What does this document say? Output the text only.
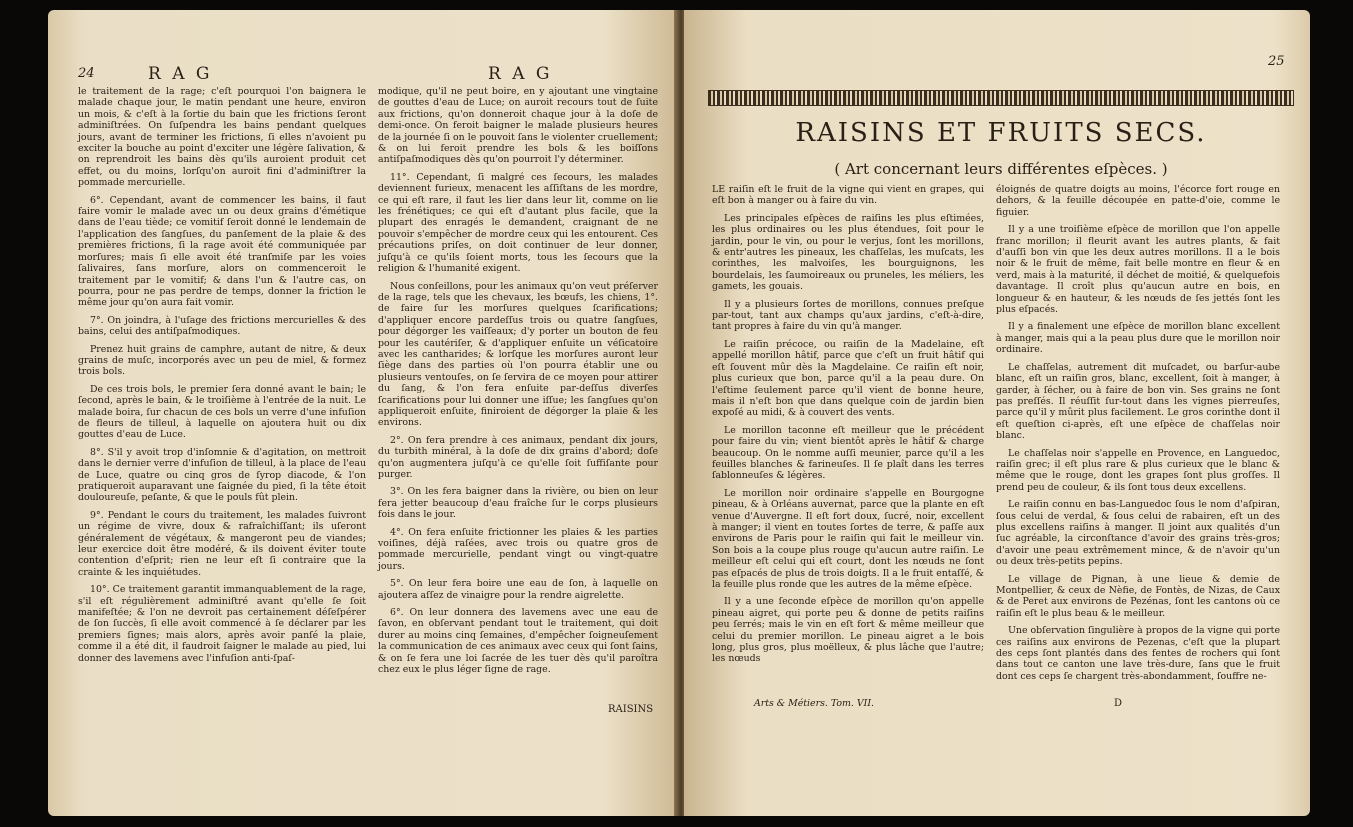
24	R A G	R A G

le traitement de la rage; c'eſt pourquoi l'on baignera le malade chaque jour, le matin pendant une heure, environ un mois, & c'eſt à la ſortie du bain que les frictions ſeront adminiſtrées. On ſuſpendra les bains pendant quelques jours, avant de terminer les frictions, ſi elles n'avoient pu exciter la bouche au point d'exciter une légère ſalivation, & on reprendroit les bains dès qu'ils auroient produit cet effet, ou du moins, lorſqu'on auroit fini d'adminiſtrer la pommade mercurielle.

6°. Cependant, avant de commencer les bains, il faut faire vomir le malade avec un ou deux grains d'émétique dans de l'eau tiède; ce vomitif ſeroit donné le lendemain de l'application des ſangſues, du panſement de la plaie & des premières frictions, ſi la rage avoit été communiquée par morſures; mais ſi elle avoit été tranſmiſe par les voies ſalivaires, ſans morſure, alors on commenceroit le traitement par le vomitif; & dans l'un & l'autre cas, on pourra, pour ne pas perdre de temps, donner la friction le même jour qu'on aura fait vomir.

7°. On joindra, à l'uſage des frictions mercurielles & des bains, celui des antiſpaſmodiques.

Prenez huit grains de camphre, autant de nitre, & deux grains de muſc, incorporés avec un peu de miel, & formez trois bols.

De ces trois bols, le premier ſera donné avant le bain; le ſecond, après le bain, & le troiſième à l'entrée de la nuit. Le malade boira, ſur chacun de ces bols un verre d'une infuſion de fleurs de tilleul, à laquelle on ajoutera huit ou dix gouttes d'eau de Luce.

8°. S'il y avoit trop d'inſomnie & d'agitation, on mettroit dans le dernier verre d'infuſion de tilleul, à la place de l'eau de Luce, quatre ou cinq gros de ſyrop diacode, & l'on pratiqueroit auparavant une ſaignée du pied, ſi la tête étoit douloureuſe, peſante, & que le pouls fût plein.

9°. Pendant le cours du traitement, les malades ſuivront un régime de vivre, doux & rafraîchiſſant; ils uſeront généralement de végétaux, & mangeront peu de viandes; leur exercice doit être modéré, & ils doivent éviter toute contention d'eſprit; rien ne leur eſt ſi contraire que la crainte & les inquiétudes.

10°. Ce traitement garantit immanquablement de la rage, s'il eſt régulièrement adminiſtré avant qu'elle ſe ſoit manifeſtée; & l'on ne devroit pas certainement déſeſpérer de ſon ſuccès, ſi elle avoit commencé à ſe déclarer par les premiers ſignes; mais alors, après avoir panſé la plaie, comme il a été dit, il faudroit ſaigner le malade au pied, lui donner des lavemens avec l'infuſion anti-ſpaſ-

modique, qu'il ne peut boire, en y ajoutant une vingtaine de gouttes d'eau de Luce; on auroit recours tout de ſuite aux frictions, qu'on donneroit chaque jour à la doſe de demi-once. On feroit baigner le malade plusieurs heures de la journée ſi on le pouvoit ſans le violenter cruellement; & on lui feroit prendre les bols & les boiſſons antiſpaſmodiques dès qu'on pourroit l'y déterminer.

11°. Cependant, ſi malgré ces ſecours, les malades deviennent furieux, menacent les aſſiſtans de les mordre, ce qui eſt rare, il faut les lier dans leur lit, comme on lie les frénétiques; ce qui eſt d'autant plus facile, que la plupart des enragés le demandent, craignant de ne pouvoir s'empêcher de mordre ceux qui les entourent. Ces précautions priſes, on doit continuer de leur donner, juſqu'à ce qu'ils ſoient morts, tous les ſecours que la religion & l'humanité exigent.

Nous conſeillons, pour les animaux qu'on veut préſerver de la rage, tels que les chevaux, les bœufs, les chiens, 1°. de faire ſur les morſures quelques ſcarifications; d'appliquer encore pardeſſus trois ou quatre ſangſues, pour dégorger les vaiſſeaux; d'y porter un bouton de feu pour les cautériſer, & d'appliquer enſuite un véſicatoire avec les cantharides; & lorſque les morſures auront leur ſiège dans des parties où l'on pourra établir une ou plusieurs ventouſes, on ſe ſervira de ce moyen pour attirer du ſang, & l'on fera enſuite par-deſſus diverſes ſcarifications pour lui donner une iſſue; les ſangſues qu'on appliqueroit enſuite, finiroient de dégorger la plaie & les environs.

2°. On fera prendre à ces animaux, pendant dix jours, du turbith minéral, à la doſe de dix grains d'abord; doſe qu'on augmentera juſqu'à ce qu'elle ſoit ſuffiſante pour purger.

3°. On les fera baigner dans la rivière, ou bien on leur fera jetter beaucoup d'eau fraîche ſur le corps plusieurs fois dans le jour.

4°. On fera enſuite frictionner les plaies & les parties voiſines, déjà raſées, avec trois ou quatre gros de pommade mercurielle, pendant vingt ou vingt-quatre jours.

5°. On leur fera boire une eau de ſon, à laquelle on ajoutera aſſez de vinaigre pour la rendre aigrelette.

6°. On leur donnera des lavemens avec une eau de ſavon, en obſervant pendant tout le traitement, qui doit durer au moins cinq ſemaines, d'empêcher ſoigneuſement la communication de ces animaux avec ceux qui ſont ſains, & on ſe fera une loi ſacrée de les tuer dès qu'il paroîtra chez eux le plus léger ſigne de rage.

RAISINS
25
RAISINS ET FRUITS SECS.
( Art concernant leurs différentes eſpèces. )

LE raiſin eſt le fruit de la vigne qui vient en grapes, qui eſt bon à manger ou à faire du vin.

Les principales eſpèces de raiſins les plus eſtimées, les plus ordinaires ou les plus étendues, ſoit pour le jardin, pour le vin, ou pour le verjus, ſont les morillons, & entr'autres les pineaux, les chaſſelas, les muſcats, les corinthes, les malvoiſes, les bourguignons, les bourdelais, les ſaumoireaux ou pruneles, les méliers, les gamets, les gouais.

Il y a plusieurs ſortes de morillons, connues preſque par-tout, tant aux champs qu'aux jardins, c'eſt-à-dire, tant propres à faire du vin qu'à manger.

Le raiſin précoce, ou raiſin de la Madelaine, eſt appellé morillon hâtif, parce que c'eſt un fruit hâtif qui eſt ſouvent mûr dès la Magdelaine. Ce raiſin eſt noir, plus curieux que bon, parce qu'il a la peau dure. On l'eſtime ſeulement parce qu'il vient de bonne heure, mais il n'eſt bon que dans quelque coin de jardin bien expoſé au midi, & à couvert des vents.

Le morillon taconne eſt meilleur que le précédent pour faire du vin; vient bientôt après le hâtif & charge beaucoup. On le nomme auſſi meunier, parce qu'il a les feuilles blanches & farineuſes. Il ſe plaît dans les terres ſablonneuſes & légères.

Le morillon noir ordinaire s'appelle en Bourgogne pineau, & à Orléans auvernat, parce que la plante en eſt venue d'Auvergne. Il eſt fort doux, ſucré, noir, excellent à manger; il vient en toutes ſortes de terre, & paſſe aux environs de Paris pour le raiſin qui fait le meilleur vin. Son bois a la coupe plus rouge qu'aucun autre raiſin. Le meilleur eſt celui qui eſt court, dont les nœuds ne ſont pas eſpacés de plus de trois doigts. Il a le fruit entaſſé, & la feuille plus ronde que les autres de la même eſpèce.

Il y a une ſeconde eſpèce de morillon qu'on appelle pineau aigret, qui porte peu & donne de petits raiſins peu ſerrés; mais le vin en eſt fort & même meilleur que celui du premier morillon. Le pineau aigret a le bois long, plus gros, plus moëlleux, & plus lâche que l'autre; les nœuds

éloignés de quatre doigts au moins, l'écorce fort rouge en dehors, & la feuille découpée en patte-d'oie, comme le figuier.

Il y a une troiſième eſpèce de morillon que l'on appelle franc morillon; il fleurit avant les autres plants, & fait d'auſſi bon vin que les deux autres morillons. Il a le bois noir & le fruit de même, fait belle montre en fleur & en verd, mais à la maturité, il déchet de moitié, & quelquefois davantage. Il croît plus qu'aucun autre en bois, en longueur & en hauteur, & les nœuds de ſes jettés ſont les plus eſpacés.

Il y a finalement une eſpèce de morillon blanc excellent à manger, mais qui a la peau plus dure que le morillon noir ordinaire.

Le chaſſelas, autrement dit muſcadet, ou barſur-aube blanc, eſt un raiſin gros, blanc, excellent, ſoit à manger, à garder, à ſécher, ou à faire de bon vin. Ses grains ne ſont pas preſſés. Il réuſſit ſur-tout dans les vignes pierreuſes, parce qu'il y mûrit plus facilement. Le gros corinthe dont il eſt queſtion ci-après, eſt une eſpèce de chaſſelas noir blanc.

Le chaſſelas noir s'appelle en Provence, en Languedoc, raiſin grec; il eſt plus rare & plus curieux que le blanc & même que le rouge, dont les grapes ſont plus groſſes. Il prend peu de couleur, & ils ſont tous deux excellens.

Le raiſin connu en bas-Languedoc ſous le nom d'aſpiran, ſous celui de verdal, & ſous celui de rabairen, eſt un des plus excellens raiſins à manger. Il joint aux qualités d'un ſuc agréable, la circonſtance d'avoir des grains très-gros; d'avoir une peau extrêmement mince, & de n'avoir qu'un ou deux très-petits pepins.

Le village de Pignan, à une lieue & demie de Montpellier, & ceux de Nèfie, de Fontès, de Nizas, de Caux & de Peret aux environs de Pezénas, ſont les cantons où ce raiſin eſt le plus beau & le meilleur.

Une obſervation ſingulière à propos de la vigne qui porte ces raiſins aux environs de Pezenas, c'eſt que la plupart des ceps ſont plantés dans des fentes de rochers qui ſont dans tout ce canton une lave très-dure, ſans que le fruit dont ces ceps ſe chargent très-abondamment, ſouffre ne-

Arts & Métiers. Tom. VII.	D
